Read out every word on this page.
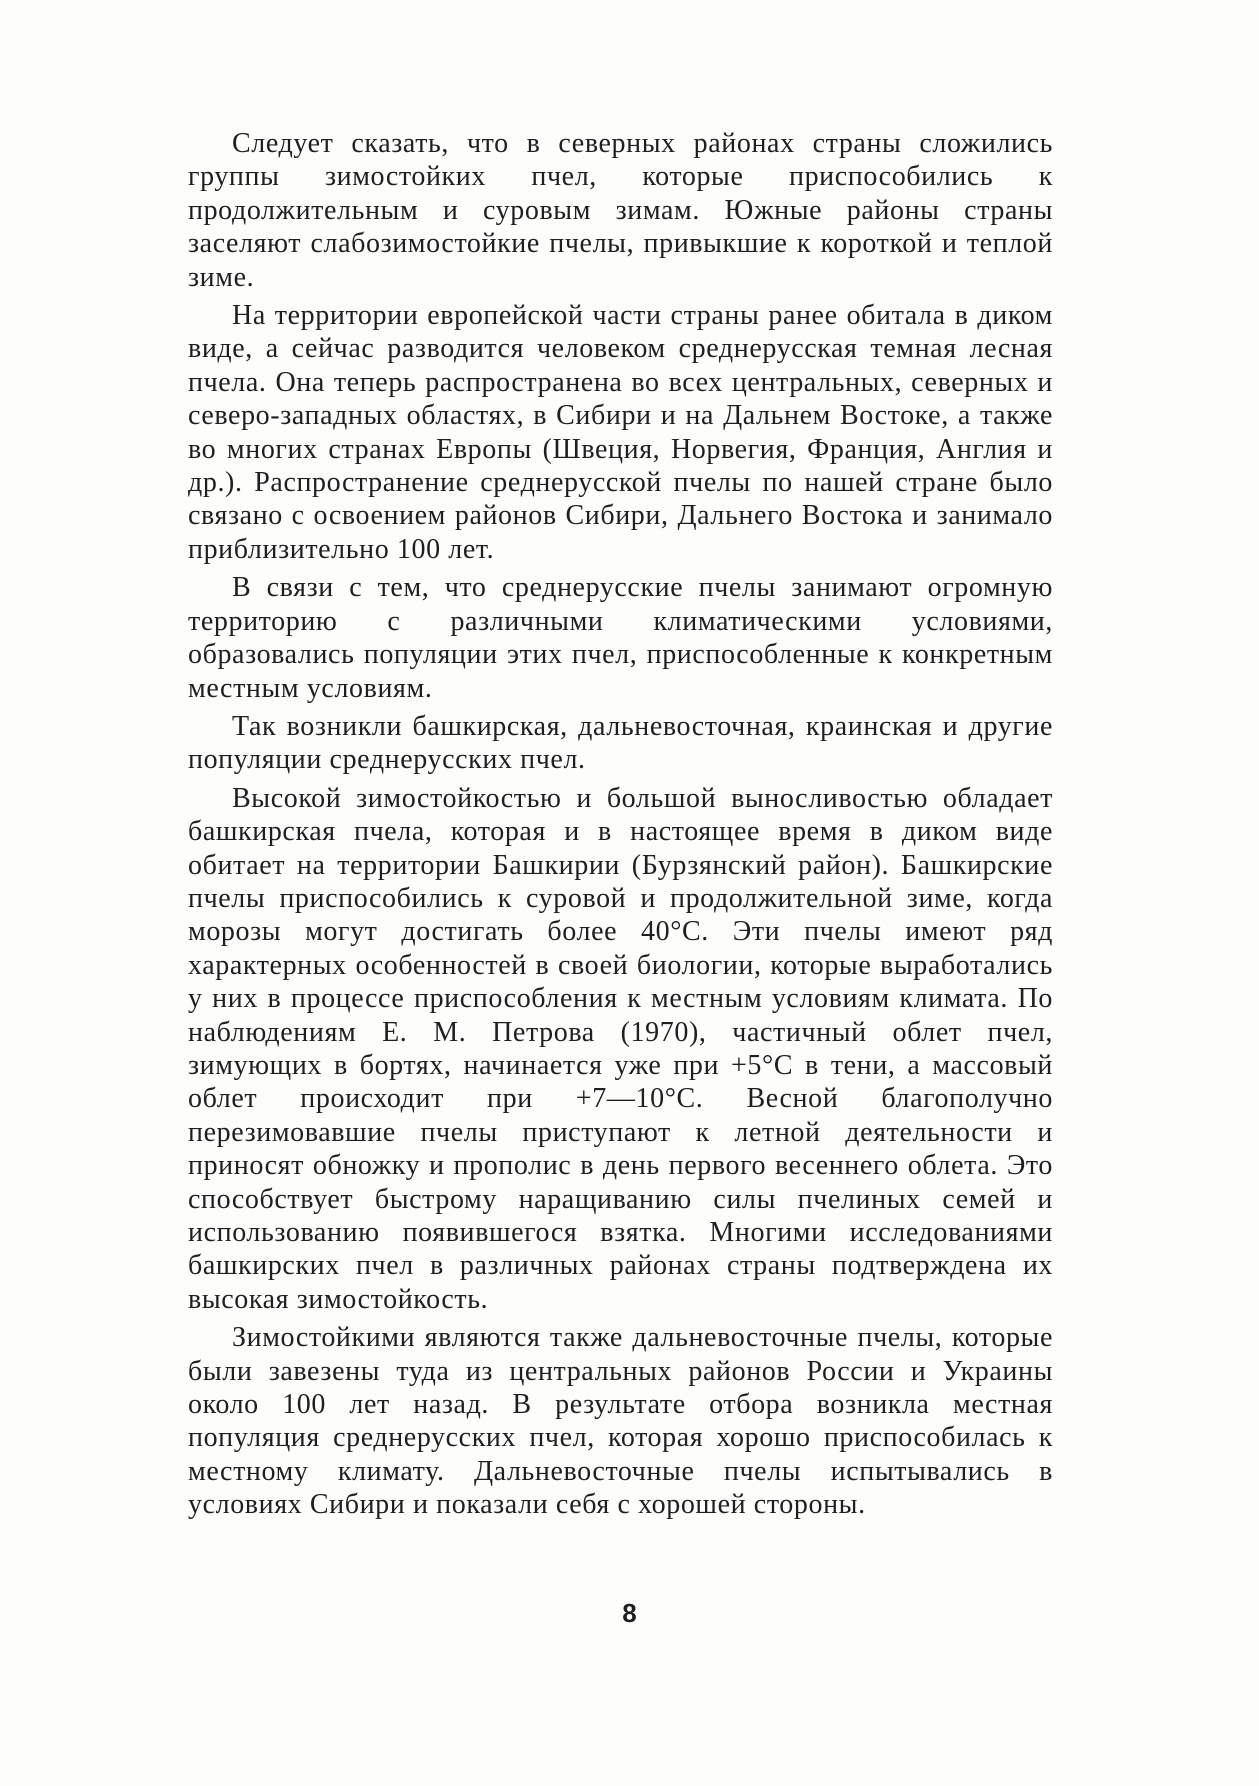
Следует сказать, что в северных районах страны сложились группы зимостойких пчел, которые приспособились к продолжительным и суровым зимам. Южные районы страны заселяют слабозимостойкие пчелы, привыкшие к короткой и теплой зиме.

На территории европейской части страны ранее обитала в диком виде, а сейчас разводится человеком среднерусская темная лесная пчела. Она теперь распространена во всех центральных, северных и северо-западных областях, в Сибири и на Дальнем Востоке, а также во многих странах Европы (Швеция, Норвегия, Франция, Англия и др.). Распространение среднерусской пчелы по нашей стране было связано с освоением районов Сибири, Дальнего Востока и занимало приблизительно 100 лет.

В связи с тем, что среднерусские пчелы занимают огромную территорию с различными климатическими условиями, образовались популяции этих пчел, приспособленные к конкретным местным условиям.

Так возникли башкирская, дальневосточная, краинская и другие популяции среднерусских пчел.

Высокой зимостойкостью и большой выносливостью обладает башкирская пчела, которая и в настоящее время в диком виде обитает на территории Башкирии (Бурзянский район). Башкирские пчелы приспособились к суровой и продолжительной зиме, когда морозы могут достигать более 40°С. Эти пчелы имеют ряд характерных особенностей в своей биологии, которые выработались у них в процессе приспособления к местным условиям климата. По наблюдениям Е. М. Петрова (1970), частичный облет пчел, зимующих в бортях, начинается уже при +5°С в тени, а массовый облет происходит при +7—10°С. Весной благополучно перезимовавшие пчелы приступают к летной деятельности и приносят обножку и прополис в день первого весеннего облета. Это способствует быстрому наращиванию силы пчелиных семей и использованию появившегося взятка. Многими исследованиями башкирских пчел в различных районах страны подтверждена их высокая зимостойкость.

Зимостойкими являются также дальневосточные пчелы, которые были завезены туда из центральных районов России и Украины около 100 лет назад. В результате отбора возникла местная популяция среднерусских пчел, которая хорошо приспособилась к местному климату. Дальневосточные пчелы испытывались в условиях Сибири и показали себя с хорошей стороны.

8
